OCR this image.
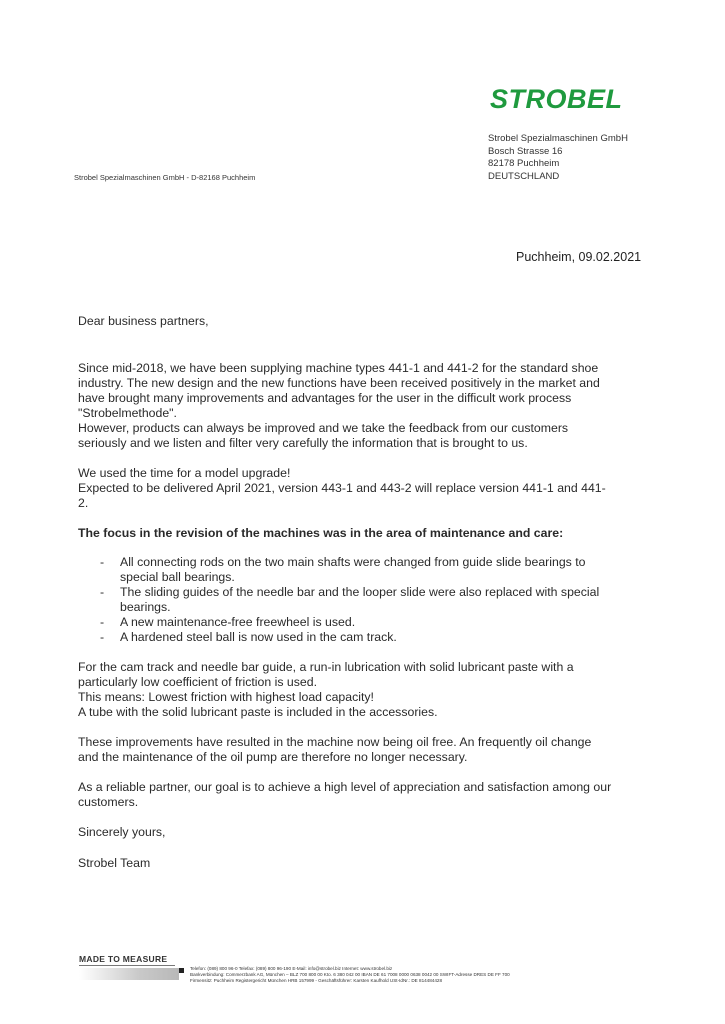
STROBEL
Strobel Spezialmaschinen GmbH
Bosch Strasse 16
82178 Puchheim
DEUTSCHLAND
Strobel Spezialmaschinen GmbH - D-82168 Puchheim
Puchheim, 09.02.2021

Dear business partners,

Since mid-2018, we have been supplying machine types 441-1 and 441-2 for the standard shoe
industry. The new design and the new functions have been received positively in the market and
have brought many improvements and advantages for the user in the difficult work process
"Strobelmethode".
However, products can always be improved and we take the feedback from our customers
seriously and we listen and filter very carefully the information that is brought to us.

We used the time for a model upgrade!
Expected to be delivered April 2021, version 443-1 and 443-2 will replace version 441-1 and 441-
2.

The focus in the revision of the machines was in the area of maintenance and care:

- All connecting rods on the two main shafts were changed from guide slide bearings to
special ball bearings.
- The sliding guides of the needle bar and the looper slide were also replaced with special
bearings.
- A new maintenance-free freewheel is used.
- A hardened steel ball is now used in the cam track.

For the cam track and needle bar guide, a run-in lubrication with solid lubricant paste with a
particularly low coefficient of friction is used.
This means: Lowest friction with highest load capacity!
A tube with the solid lubricant paste is included in the accessories.

These improvements have resulted in the machine now being oil free. An frequently oil change
and the maintenance of the oil pump are therefore no longer necessary.

As a reliable partner, our goal is to achieve a high level of appreciation and satisfaction among our
customers.

Sincerely yours,

Strobel Team

MADE TO MEASURE
Telefon: (089) 800 96-0 Telefax: (089) 800 96-190 E-Mail: info@strobel.biz Internet: www.strobel.biz
Bankverbindung: Commerzbank AG, München – BLZ 700 800 00 Kto. 6 380 042 00 IBAN DE 61 7008 0000 0638 0042 00 SWIFT-Adresse DRES DE FF 700
Firmensitz: Puchheim Registergericht München HRB 157999 - Geschäftsführer: Karsten Kaufhold USt-IdNr.: DE 814484428
